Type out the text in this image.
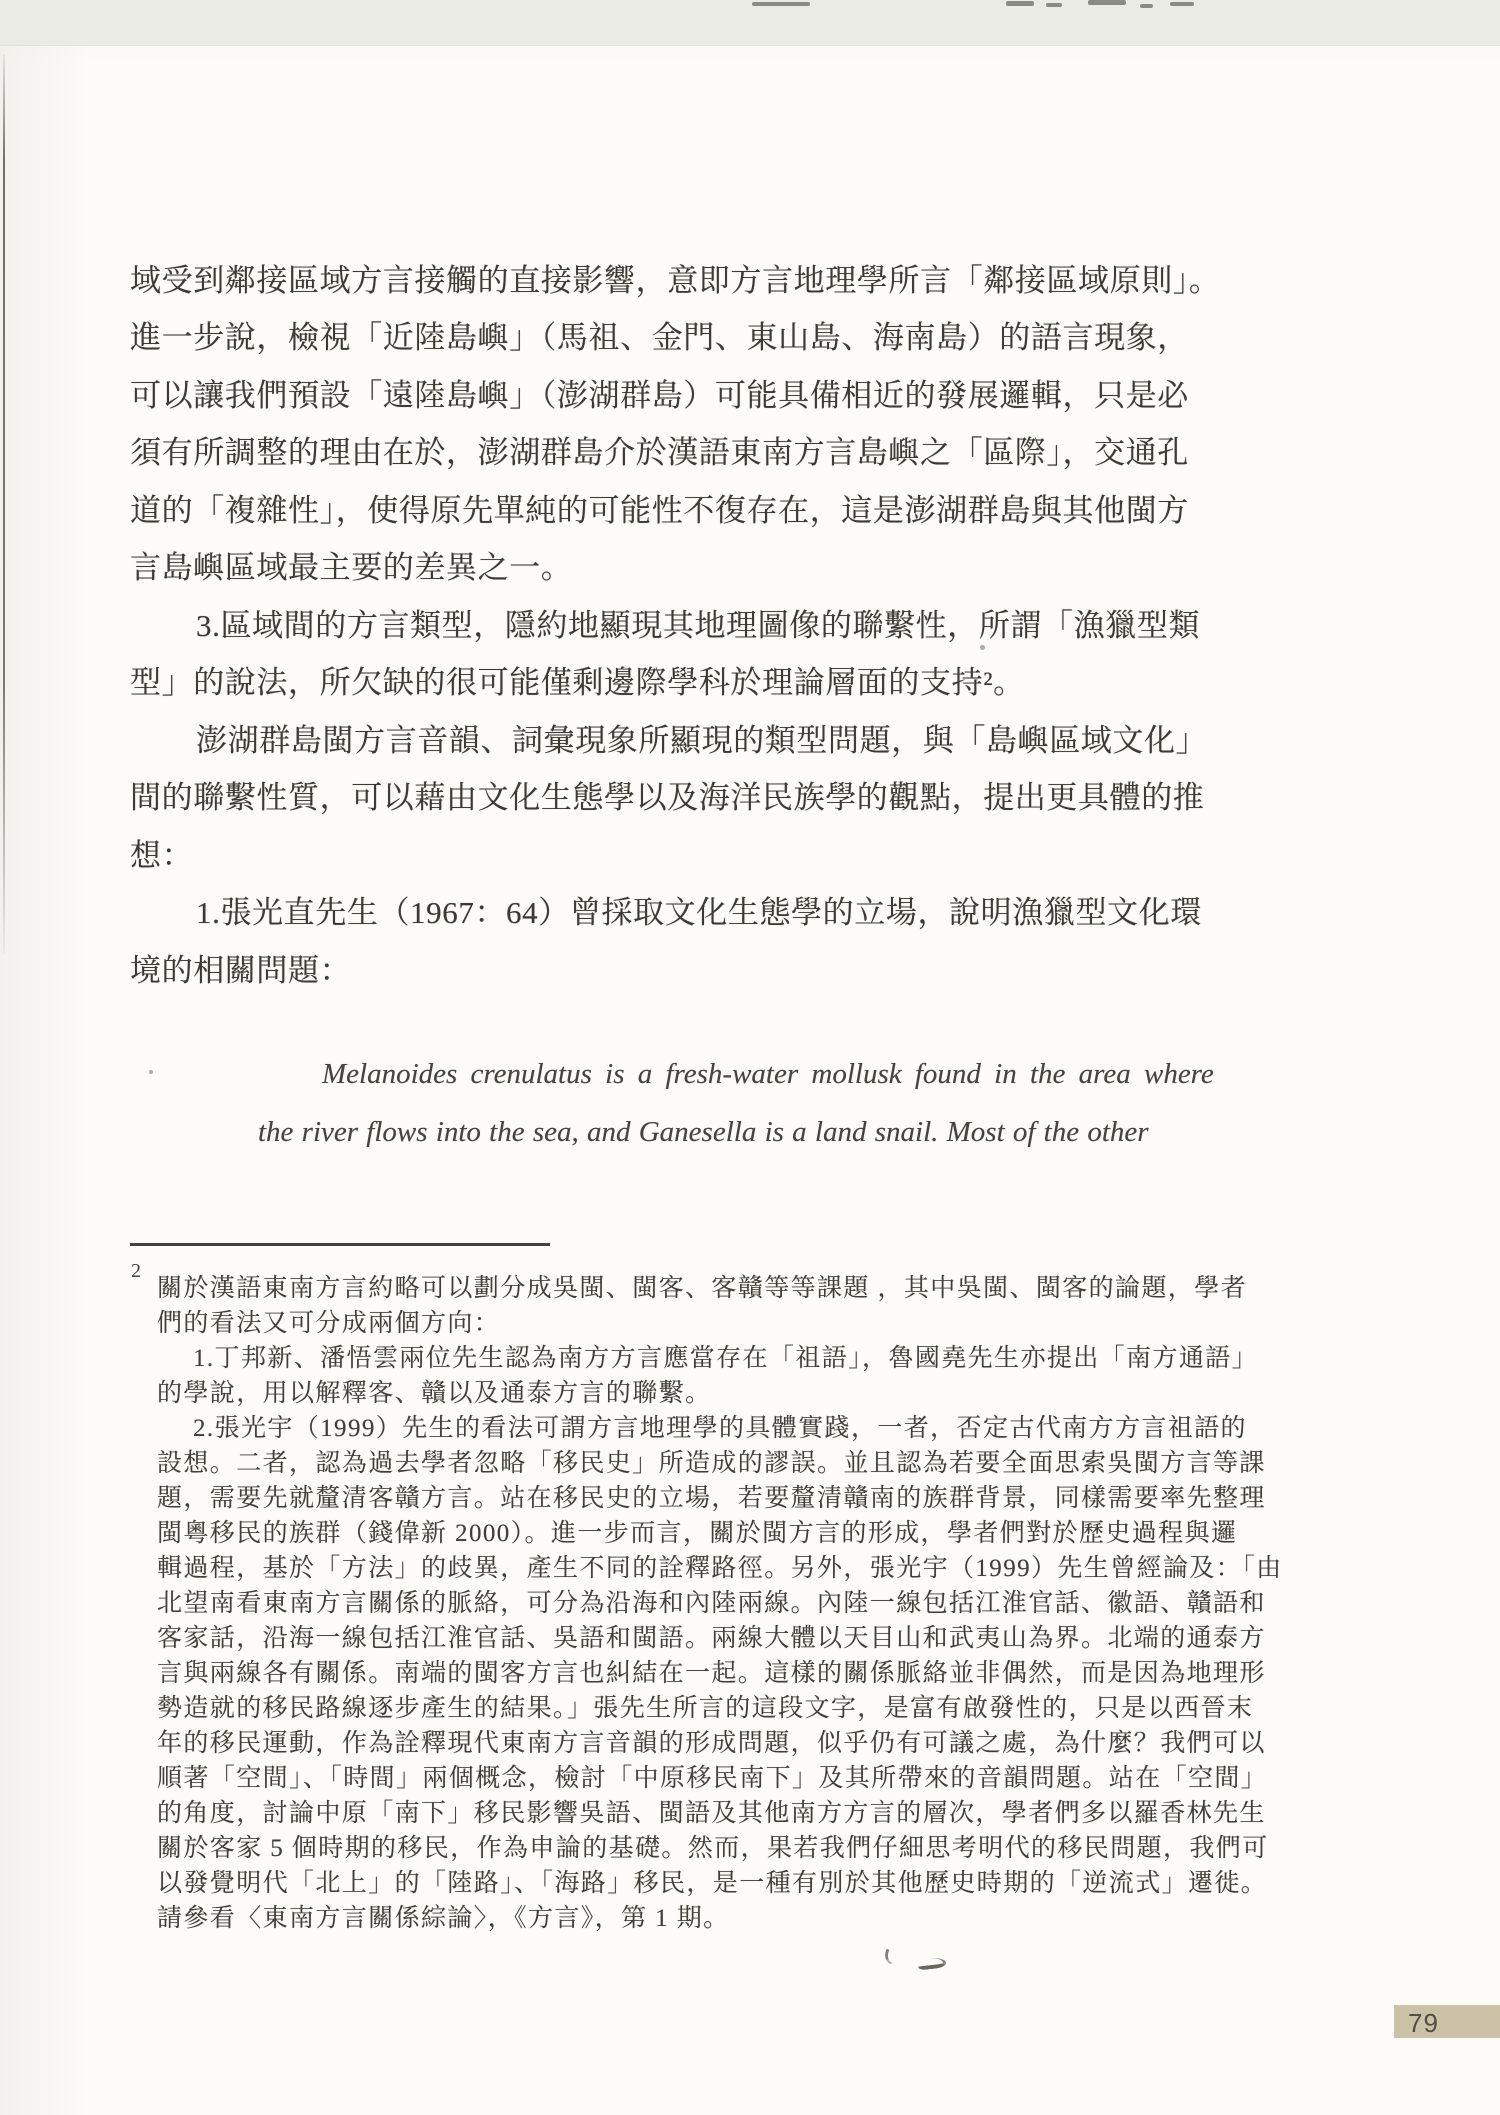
域受到鄰接區域方言接觸的直接影響，意即方言地理學所言「鄰接區域原則」。
進一步說，檢視「近陸島嶼」（馬祖、金門、東山島、海南島）的語言現象，
可以讓我們預設「遠陸島嶼」（澎湖群島）可能具備相近的發展邏輯，只是必
須有所調整的理由在於，澎湖群島介於漢語東南方言島嶼之「區際」，交通孔
道的「複雜性」，使得原先單純的可能性不復存在，這是澎湖群島與其他閩方
言島嶼區域最主要的差異之一。
3.區域間的方言類型，隱約地顯現其地理圖像的聯繫性，所謂「漁獵型類
型」的說法，所欠缺的很可能僅剩邊際學科於理論層面的支持²。
澎湖群島閩方言音韻、詞彙現象所顯現的類型問題，與「島嶼區域文化」
間的聯繫性質，可以藉由文化生態學以及海洋民族學的觀點，提出更具體的推
想：
1.張光直先生（1967：64）曾採取文化生態學的立場，說明漁獵型文化環
境的相關問題：
Melanoides crenulatus is a fresh-water mollusk found in the area where
the river flows into the sea, and Ganesella is a land snail. Most of the other
2
關於漢語東南方言約略可以劃分成吳閩、閩客、客贛等等課題 ，其中吳閩、閩客的論題，學者
們的看法又可分成兩個方向：
1.丁邦新、潘悟雲兩位先生認為南方方言應當存在「祖語」，魯國堯先生亦提出「南方通語」
的學說，用以解釋客、贛以及通泰方言的聯繫。
2.張光宇（1999）先生的看法可謂方言地理學的具體實踐，一者，否定古代南方方言祖語的
設想。二者，認為過去學者忽略「移民史」所造成的謬誤。並且認為若要全面思索吳閩方言等課
題，需要先就釐清客贛方言。站在移民史的立場，若要釐清贛南的族群背景，同樣需要率先整理
閩粵移民的族群（錢偉新 2000）。進一步而言，關於閩方言的形成，學者們對於歷史過程與邏
輯過程，基於「方法」的歧異，產生不同的詮釋路徑。另外，張光宇（1999）先生曾經論及：「由
北望南看東南方言關係的脈絡，可分為沿海和內陸兩線。內陸一線包括江淮官話、徽語、贛語和
客家話，沿海一線包括江淮官話、吳語和閩語。兩線大體以天目山和武夷山為界。北端的通泰方
言與兩線各有關係。南端的閩客方言也糾結在一起。這樣的關係脈絡並非偶然，而是因為地理形
勢造就的移民路線逐步產生的結果。」張先生所言的這段文字，是富有啟發性的，只是以西晉末
年的移民運動，作為詮釋現代東南方言音韻的形成問題，似乎仍有可議之處，為什麼？我們可以
順著「空間」、「時間」兩個概念，檢討「中原移民南下」及其所帶來的音韻問題。站在「空間」
的角度，討論中原「南下」移民影響吳語、閩語及其他南方方言的層次，學者們多以羅香林先生
關於客家 5 個時期的移民，作為申論的基礎。然而，果若我們仔細思考明代的移民問題，我們可
以發覺明代「北上」的「陸路」、「海路」移民，是一種有別於其他歷史時期的「逆流式」遷徙。
請參看〈東南方言關係綜論〉，《方言》，第 1 期。
79
